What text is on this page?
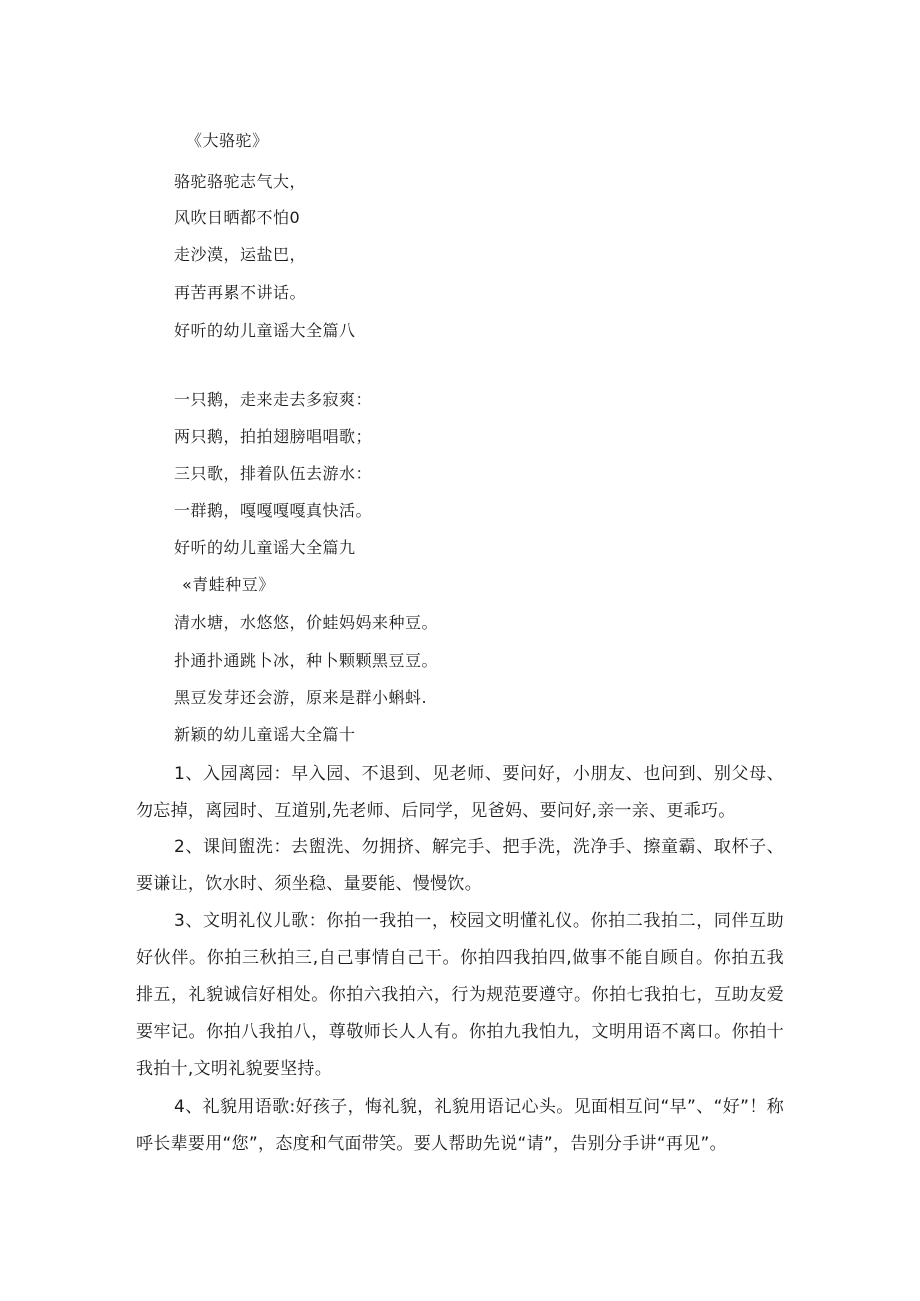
《大骆驼》
骆驼骆驼志气大，
风吹日晒都不怕0
走沙漠，运盐巴，
再苦再累不讲话。
好听的幼儿童谣大全篇八
一只鹅，走来走去多寂爽：
两只鹅，拍拍翅膀唱唱歌；
三只歌，排着队伍去游水：
一群鹅，嘎嘎嘎嘎真快活。
好听的幼儿童谣大全篇九
«青蛙种豆》
清水塘，水悠悠，价蛙妈妈来种豆。
扑通扑通跳卜冰，种卜颗颗黑豆豆。
黑豆发芽还会游，原来是群小蝌蚪.
新颖的幼儿童谣大全篇十
1、入园离园：早入园、不退到、见老师、要问好，小朋友、也问到、别父母、勿忘掉，离园时、互道别,先老师、后同学，见爸妈、要问好,亲一亲、更乖巧。
2、课间盥洗：去盥洗、勿拥挤、解完手、把手洗，洗净手、擦童霸、取杯子、要谦让，饮水时、须坐稳、量要能、慢慢饮。
3、文明礼仪儿歌：你拍一我拍一，校园文明懂礼仪。你拍二我拍二，同伴互助好伙伴。你拍三秋拍三,自己事情自己干。你拍四我拍四,做事不能自顾自。你拍五我排五，礼貌诚信好相处。你拍六我拍六，行为规范要遵守。你拍七我拍七，互助友爱要牢记。你拍八我拍八，尊敬师长人人有。你拍九我怕九，文明用语不离口。你拍十我拍十,文明礼貌要坚持。
4、礼貌用语歌:好孩子，悔礼貌，礼貌用语记心头。见面相互问“早”、“好”！称呼长辈要用“您”，态度和气面带笑。要人帮助先说“请”，告别分手讲“再见”。
